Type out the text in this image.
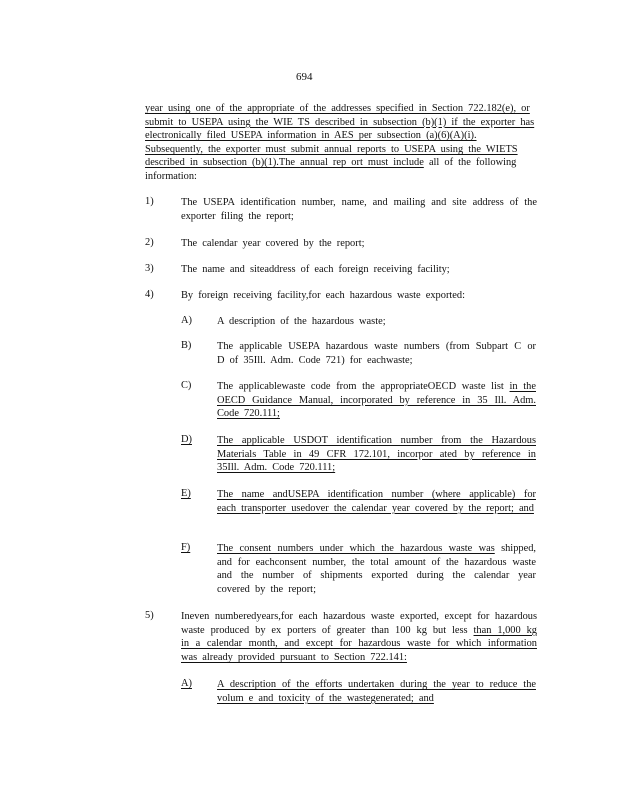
694
year using one of the appropriate of the addresses specified in Section 722.182(e), or submit to USEPA using the WIE TS described in subsection (b)(1) if the exporter has electronically filed USEPA information in AES per subsection (a)(6)(A)(i). Subsequently, the exporter must submit annual reports to USEPA using the WIETS described in subsection (b)(1).The annual rep ort must include all of the following information:
1)	The USEPA identification number, name, and mailing and site address of the exporter filing the report;
2)	The calendar year covered by the report;
3)	The name and siteaddress of each foreign receiving facility;
4)	By foreign receiving facility,for each hazardous waste exported:
A) A description of the hazardous waste;
B) The applicable USEPA hazardous waste numbers (from Subpart C or D of 35Ill. Adm. Code 721) for eachwaste;
C) The applicablewaste code from the appropriateOECD waste list in the OECD Guidance Manual, incorporated by reference in 35 Ill. Adm. Code 720.111;
D) The applicable USDOT identification number from the Hazardous Materials Table in 49 CFR 172.101, incorpor ated by reference in 35Ill. Adm. Code 720.111;
E)	The name andUSEPA identification number (where applicable) for each transporter usedover the calendar year covered by the report; and
F)	The consent numbers under which the hazardous waste was shipped, and for eachconsent number, the total amount of the hazardous waste and the number of shipments exported during the calendar year covered by the report;
5)	Ineven numberedyears,for each hazardous waste exported, except for hazardous waste produced by ex porters of greater than 100 kg but less than 1,000 kg in a calendar month, and except for hazardous waste for which information was already provided pursuant to Section 722.141:
A) A description of the efforts undertaken during the year to reduce the volum e and toxicity of the wastegenerated; and
